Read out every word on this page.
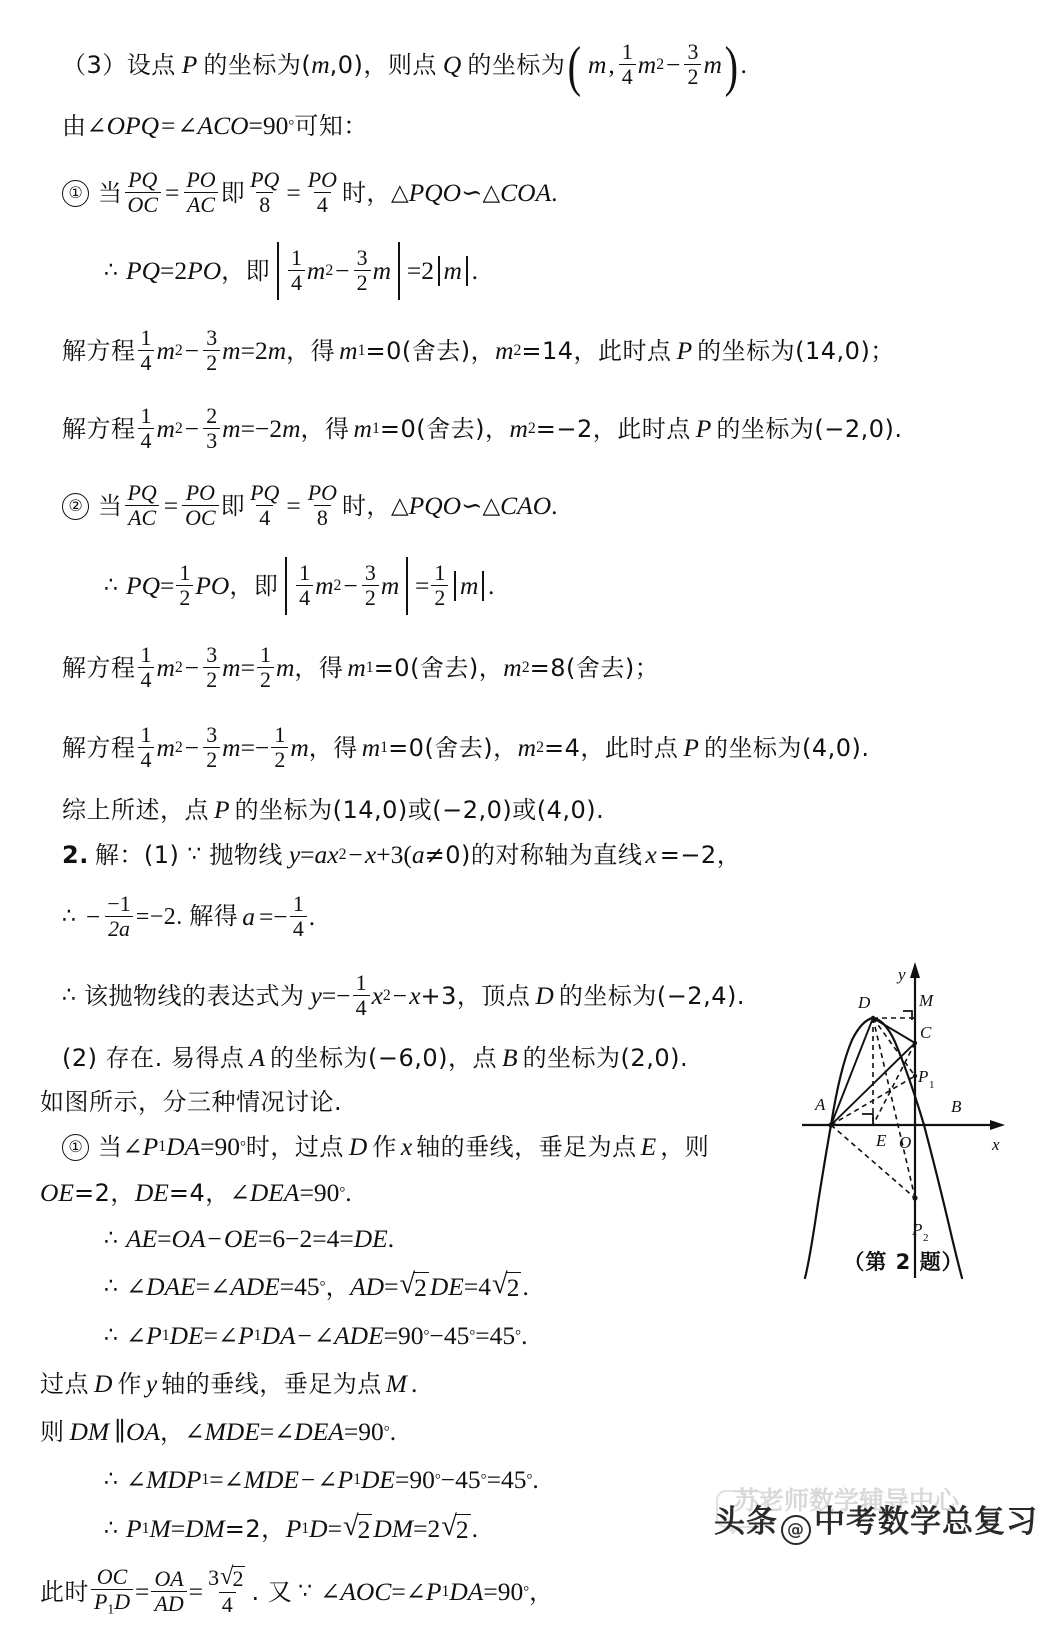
（3）设点 P 的坐标为( m ,0)，则点 Q 的坐标为 ( m , $\frac{1}{4}$ m $2 - \frac{3}{2}$ m ) .
由 ∠ OPQ = ∠ ACO =90 ° 可知：
① 当 $\frac{PQ}{OC} = \frac{PO}{AC}$ 即 $\frac{PQ}{8} = \frac{PO}{4}$ 时， △ PQO ∽ △ COA .
∴ PQ =2 PO ，即 $\frac{1}{4}$ m $2 - \frac{3}{2}$ m =2 m .
解方程 $\frac{1}{4}$ m $2 - \frac{3}{2}$ m =2 m ，得 m 1 =0(舍去)， m 2 =14，此时点 P 的坐标为(14,0)；
解方程 $\frac{1}{4}$ m $2 - \frac{2}{3}$ m =−2 m ，得 m 1 =0(舍去)， m 2 =−2，此时点 P 的坐标为(−2,0).
② 当 $\frac{PQ}{AC} = \frac{PO}{OC}$ 即 $\frac{PQ}{4} = \frac{PO}{8}$ 时， △ PQO ∽ △ CAO .
∴ PQ = $\frac{1}{2}$ PO ，即 $\frac{1}{4}$ m $2 - \frac{3}{2}$ $m = \frac{1}{2}$ m .
解方程 $\frac{1}{4}$ m $2 - \frac{3}{2}$ $m = \frac{1}{2}$ m ，得 m 1 =0(舍去)， m 2 =8(舍去)；
解方程 $\frac{1}{4}$ m $2 - \frac{3}{2}$ $m =- \frac{1}{2}$ m ，得 m 1 =0(舍去)， m 2 =4，此时点 P 的坐标为(4,0).
综上所述，点 P 的坐标为(14,0)或(−2,0)或(4,0).
2. 解：(1) ∵ 抛物线 y = a x 2 − x +3( a ≠0)的对称轴为直线 x =−2，
∴ − $\frac{-1}{2a} =-2$. 解得 $a =- \frac{1}{4}$ .
∴ 该抛物线的表达式为 $y =- \frac{1}{4}$ x 2 − x +3，顶点 D 的坐标为(−2,4).
(2) 存在. 易得点 A 的坐标为(−6,0)，点 B 的坐标为(2,0).
如图所示，分三种情况讨论.
① 当 ∠ P 1 DA =90 ° 时，过点 D 作 x 轴的垂线，垂足为点 E ，则
OE =2， DE =4， ∠ DEA =90 ° .
∴ AE = OA − OE =6−2=4= DE .
∴ ∠ DAE = ∠ ADE =45 ° ， AD = √ 2 DE =4 √ 2 .
∴ ∠ P 1 DE = ∠ P 1 DA − ∠ ADE =90 ° −45 ° =45 ° .
过点 D 作 y 轴的垂线，垂足为点 M .
则 DM ∥ OA ， ∠ MDE = ∠ DEA =90 ° .
∴ ∠ MDP 1 = ∠ MDE − ∠ P 1 DE =90 ° −45 ° =45 ° .
∴ P 1 M = DM =2， P 1 D = √ 2 DM =2 √ 2 .
此时 $\frac{OC}{P_1D} = \frac{OA}{AD} = \frac{3 √ 2}{4}$ . 又 ∵ ∠ AOC = ∠ P 1 DA =90 ° ，
y
x
A	B
C
D
E
M
O
P 1
P 2
（第 2 题）
苏老师数学辅导中心
头条 @ 中考数学总复习
